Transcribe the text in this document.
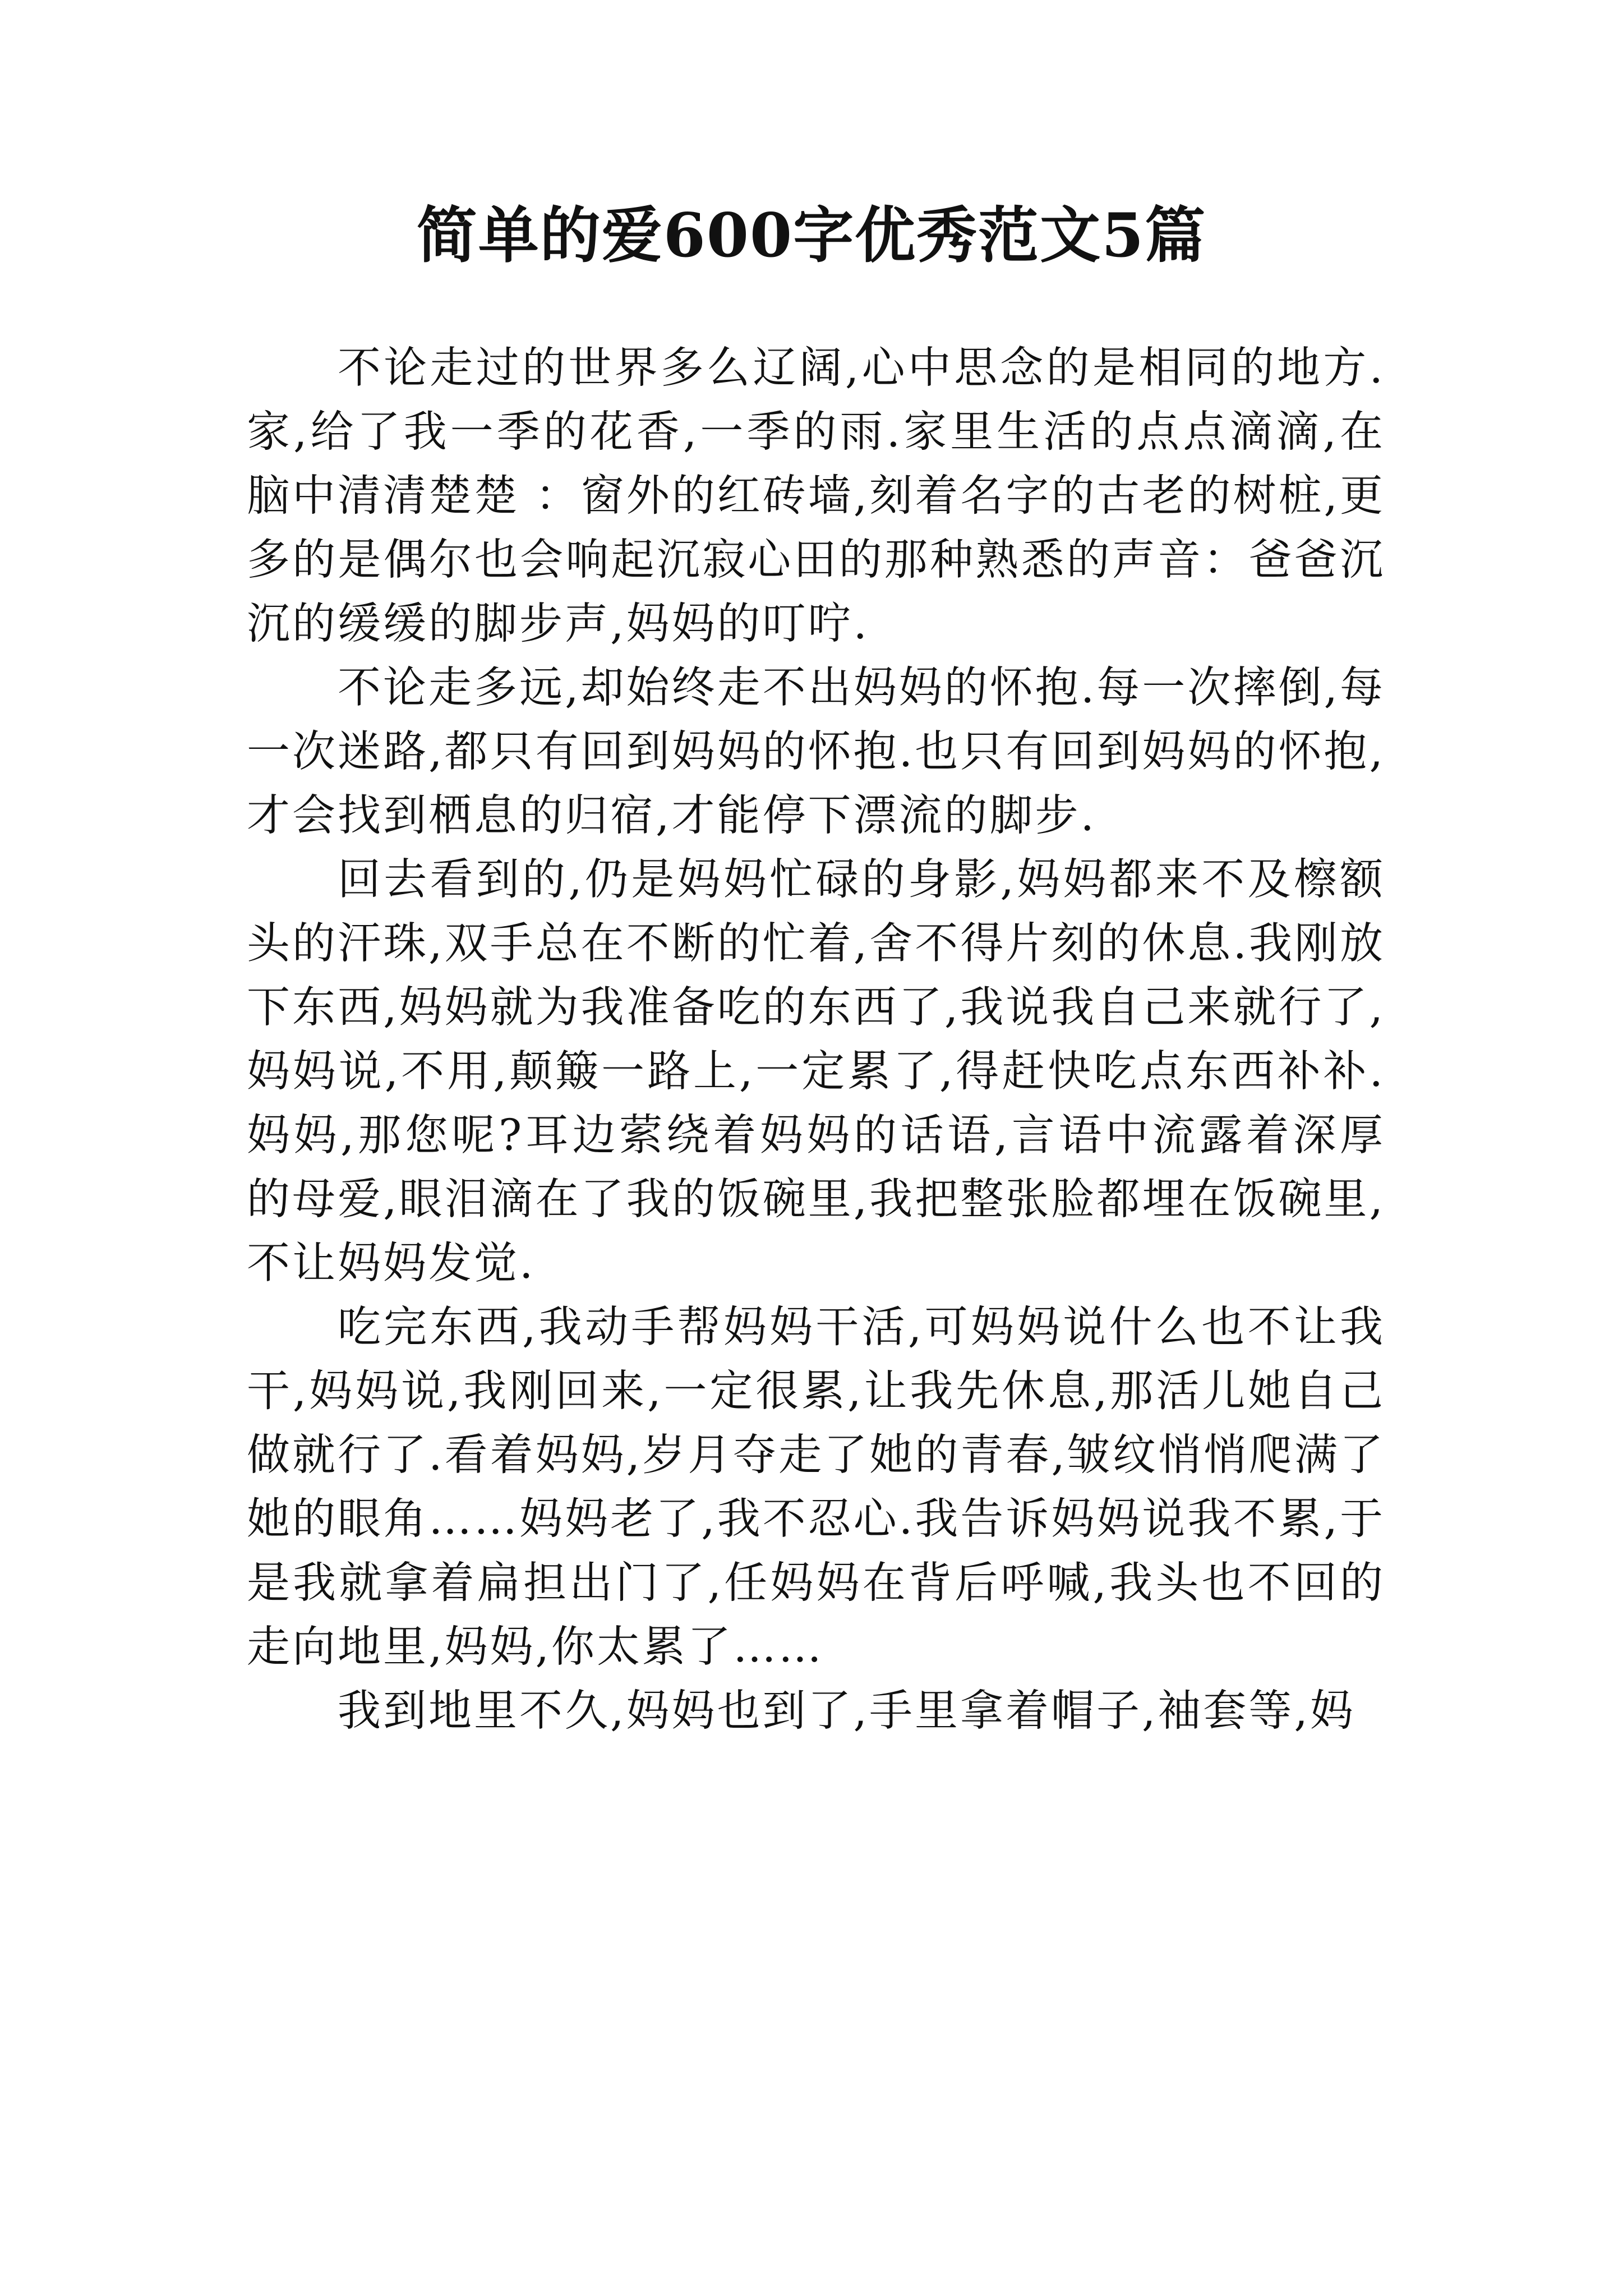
简单的爱600字优秀范文5篇

不论走过的世界多么辽阔,心中思念的是相同的地方.家,给了我一季的花香,一季的雨.家里生活的点点滴滴,在脑中清清楚楚 ：窗外的红砖墙,刻着名字的古老的树桩,更多的是偶尔也会响起沉寂心田的那种熟悉的声音：爸爸沉沉的缓缓的脚步声,妈妈的叮咛.

不论走多远,却始终走不出妈妈的怀抱.每一次摔倒,每一次迷路,都只有回到妈妈的怀抱.也只有回到妈妈的怀抱,才会找到栖息的归宿,才能停下漂流的脚步.

回去看到的,仍是妈妈忙碌的身影,妈妈都来不及檫额头的汗珠,双手总在不断的忙着,舍不得片刻的休息.我刚放下东西,妈妈就为我准备吃的东西了,我说我自己来就行了,妈妈说,不用,颠簸一路上,一定累了,得赶快吃点东西补补.妈妈,那您呢?耳边萦绕着妈妈的话语,言语中流露着深厚的母爱,眼泪滴在了我的饭碗里,我把整张脸都埋在饭碗里,不让妈妈发觉.

吃完东西,我动手帮妈妈干活,可妈妈说什么也不让我干,妈妈说,我刚回来,一定很累,让我先休息,那活儿她自己做就行了.看着妈妈,岁月夺走了她的青春,皱纹悄悄爬满了她的眼角……妈妈老了,我不忍心.我告诉妈妈说我不累,于是我就拿着扁担出门了,任妈妈在背后呼喊,我头也不回的走向地里,妈妈,你太累了……

我到地里不久,妈妈也到了,手里拿着帽子,袖套等,妈
